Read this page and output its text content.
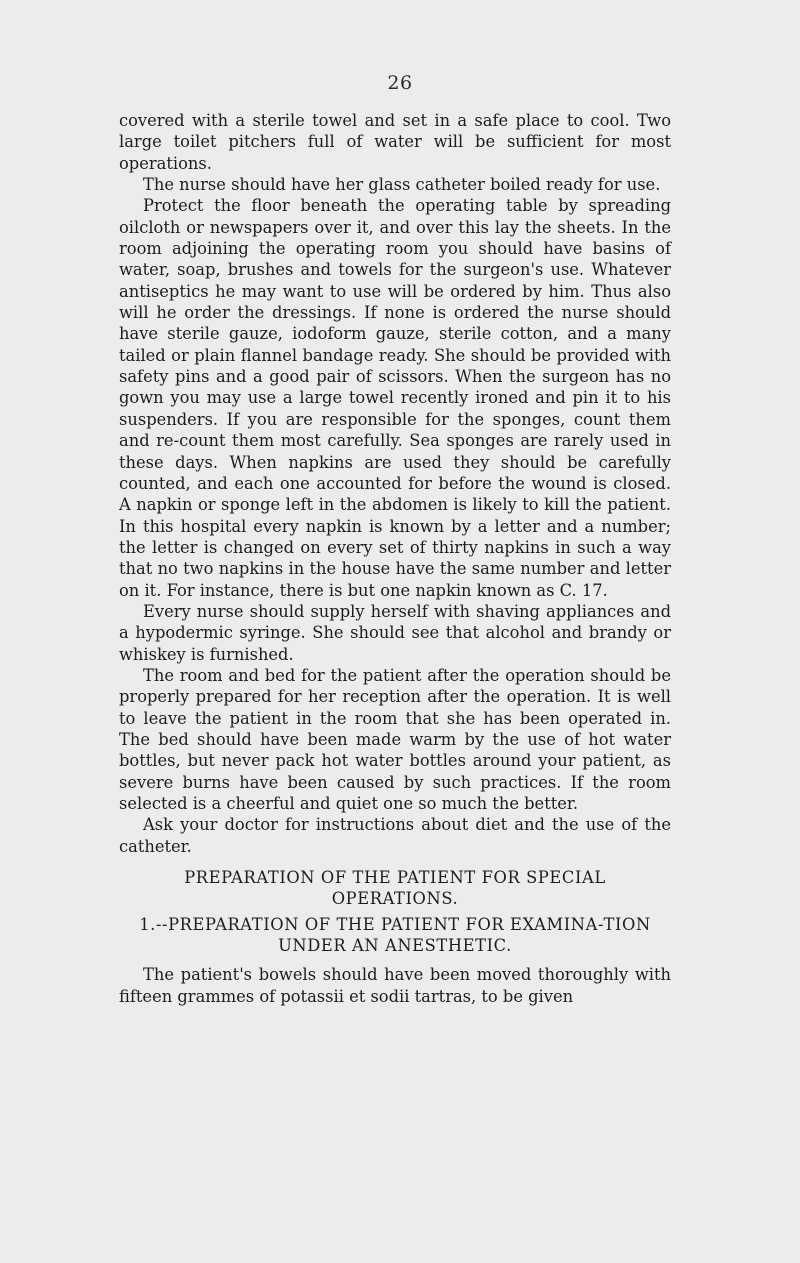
26

covered with a sterile towel and set in a safe place to cool. Two large toilet pitchers full of water will be sufficient for most operations.

The nurse should have her glass catheter boiled ready for use.

Protect the floor beneath the operating table by spreading oilcloth or newspapers over it, and over this lay the sheets. In the room adjoining the operating room you should have basins of water, soap, brushes and towels for the surgeon's use. Whatever antiseptics he may want to use will be ordered by him. Thus also will he order the dressings. If none is ordered the nurse should have sterile gauze, iodoform gauze, sterile cotton, and a many tailed or plain flannel bandage ready. She should be provided with safety pins and a good pair of scissors. When the surgeon has no gown you may use a large towel recently ironed and pin it to his suspenders. If you are responsible for the sponges, count them and re-count them most carefully. Sea sponges are rarely used in these days. When napkins are used they should be carefully counted, and each one accounted for before the wound is closed. A napkin or sponge left in the abdomen is likely to kill the patient. In this hospital every napkin is known by a letter and a number; the letter is changed on every set of thirty napkins in such a way that no two napkins in the house have the same number and letter on it. For instance, there is but one napkin known as C. 17.

Every nurse should supply herself with shaving appliances and a hypodermic syringe. She should see that alcohol and brandy or whiskey is furnished.

The room and bed for the patient after the operation should be properly prepared for her reception after the operation. It is well to leave the patient in the room that she has been operated in. The bed should have been made warm by the use of hot water bottles, but never pack hot water bottles around your patient, as severe burns have been caused by such practices. If the room selected is a cheerful and quiet one so much the better.

Ask your doctor for instructions about diet and the use of the catheter.

PREPARATION OF THE PATIENT FOR SPECIAL OPERATIONS.
1.--PREPARATION OF THE PATIENT FOR EXAMINA-TION UNDER AN ANESTHETIC.

The patient's bowels should have been moved thoroughly with fifteen grammes of potassii et sodii tartras, to be given
